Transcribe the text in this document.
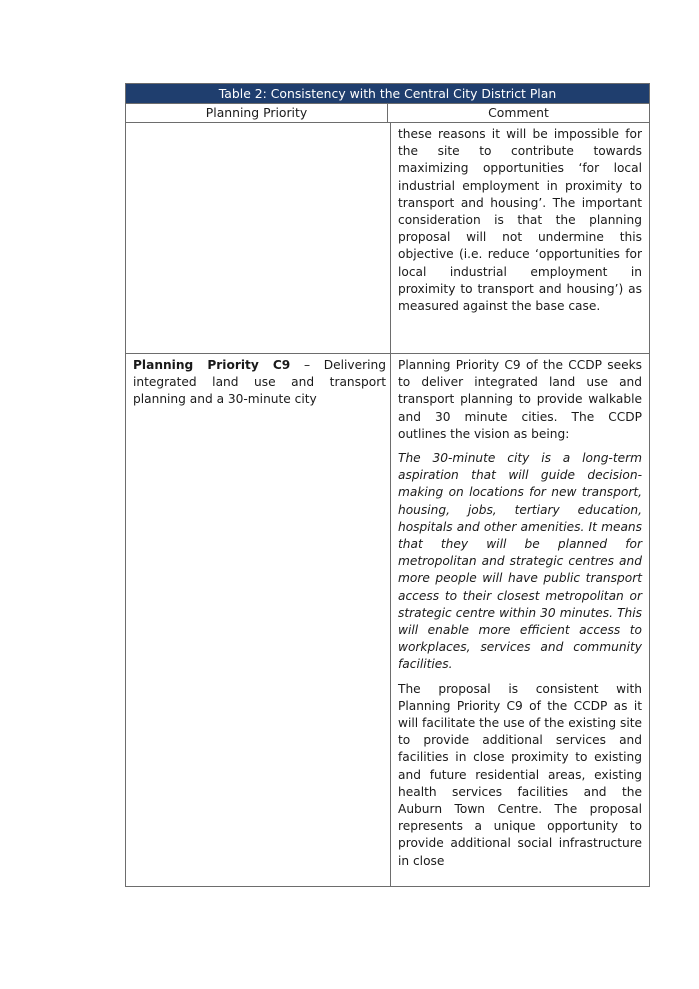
Table 2: Consistency with the Central City District Plan
Planning Priority	Comment

these reasons it will be impossible for the site to contribute towards maximizing opportunities ‘for local industrial employment in proximity to transport and housing’. The important consideration is that the planning proposal will not undermine this objective (i.e. reduce ‘opportunities for local industrial employment in proximity to transport and housing’) as measured against the base case.

Planning Priority C9 – Delivering integrated land use and transport planning and a 30-minute city

Planning Priority C9 of the CCDP seeks to deliver integrated land use and transport planning to provide walkable and 30 minute cities. The CCDP outlines the vision as being:

The 30-minute city is a long-term aspiration that will guide decision-making on locations for new transport, housing, jobs, tertiary education, hospitals and other amenities. It means that they will be planned for metropolitan and strategic centres and more people will have public transport access to their closest metropolitan or strategic centre within 30 minutes. This will enable more efficient access to workplaces, services and community facilities.

The proposal is consistent with Planning Priority C9 of the CCDP as it will facilitate the use of the existing site to provide additional services and facilities in close proximity to existing and future residential areas, existing health services facilities and the Auburn Town Centre. The proposal represents a unique opportunity to provide additional social infrastructure in close
